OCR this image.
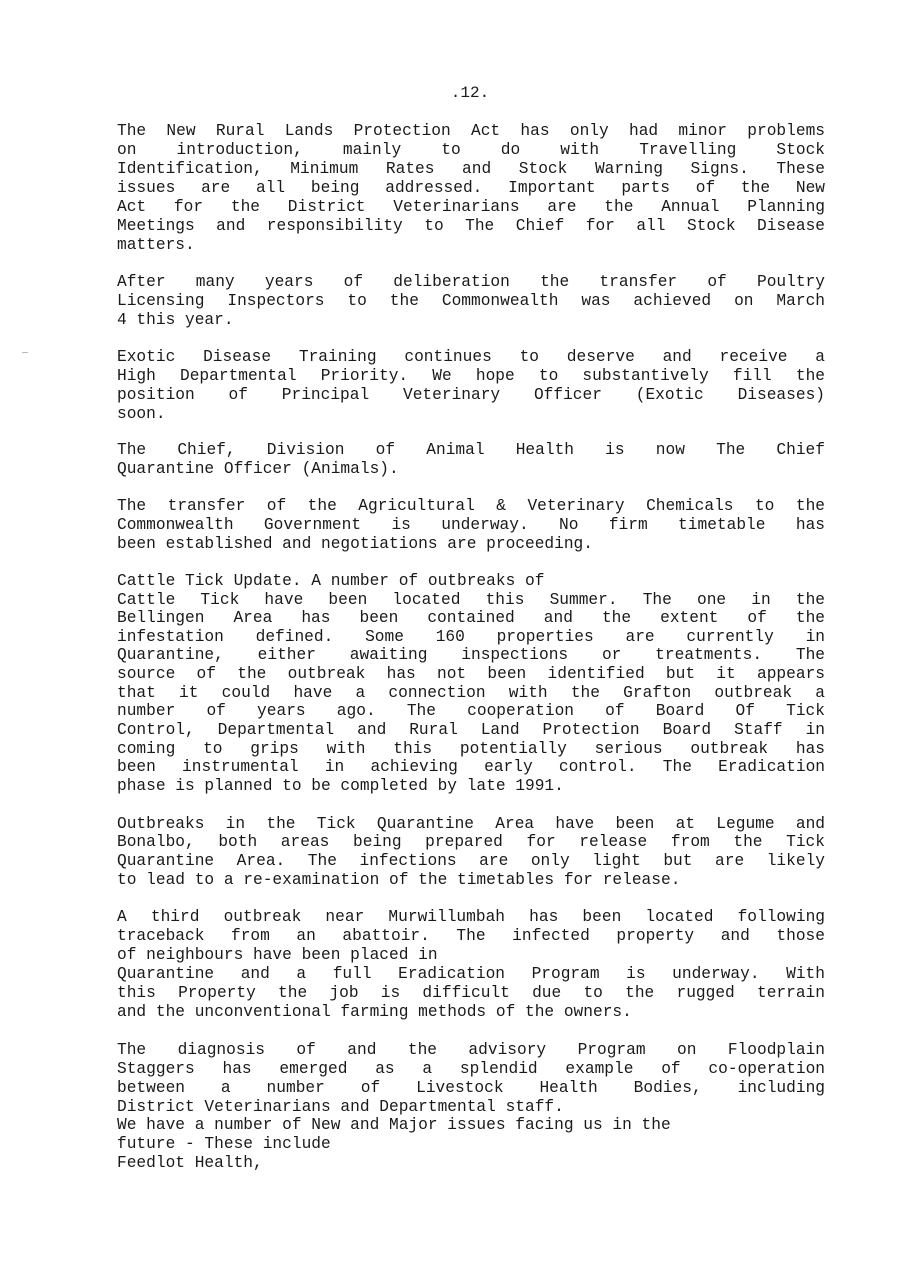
.12.
The New Rural Lands Protection Act has only had minor problems
on introduction, mainly to do with Travelling Stock
Identification, Minimum Rates and Stock Warning Signs. These
issues are all being addressed. Important parts of the New
Act for the District Veterinarians are the Annual Planning
Meetings and responsibility to The Chief for all Stock Disease
matters.
After many years of deliberation the transfer of Poultry
Licensing Inspectors to the Commonwealth was achieved on March
4 this year.
Exotic Disease Training continues to deserve and receive a
High Departmental Priority. We hope to substantively fill the
position of Principal Veterinary Officer (Exotic Diseases)
soon.
The Chief, Division of Animal Health is now The Chief
Quarantine Officer (Animals).
The transfer of the Agricultural & Veterinary Chemicals to the
Commonwealth Government is underway. No firm timetable has
been established and negotiations are proceeding.
Cattle Tick Update. A number of outbreaks of
Cattle Tick have been located this Summer. The one in the
Bellingen Area has been contained and the extent of the
infestation defined. Some 160 properties are currently in
Quarantine, either awaiting inspections or treatments. The
source of the outbreak has not been identified but it appears
that it could have a connection with the Grafton outbreak a
number of years ago. The cooperation of Board Of Tick
Control, Departmental and Rural Land Protection Board Staff in
coming to grips with this potentially serious outbreak has
been instrumental in achieving early control. The Eradication
phase is planned to be completed by late 1991.
Outbreaks in the Tick Quarantine Area have been at Legume and
Bonalbo, both areas being prepared for release from the Tick
Quarantine Area. The infections are only light but are likely
to lead to a re-examination of the timetables for release.
A third outbreak near Murwillumbah has been located following
traceback from an abattoir. The infected property and those
of neighbours have been placed in
Quarantine and a full Eradication Program is underway. With
this Property the job is difficult due to the rugged terrain
and the unconventional farming methods of the owners.
The diagnosis of and the advisory Program on Floodplain
Staggers has emerged as a splendid example of co-operation
between a number of Livestock Health Bodies, including
District Veterinarians and Departmental staff.
We have a number of New and Major issues facing us in the
future - These include
Feedlot Health,
